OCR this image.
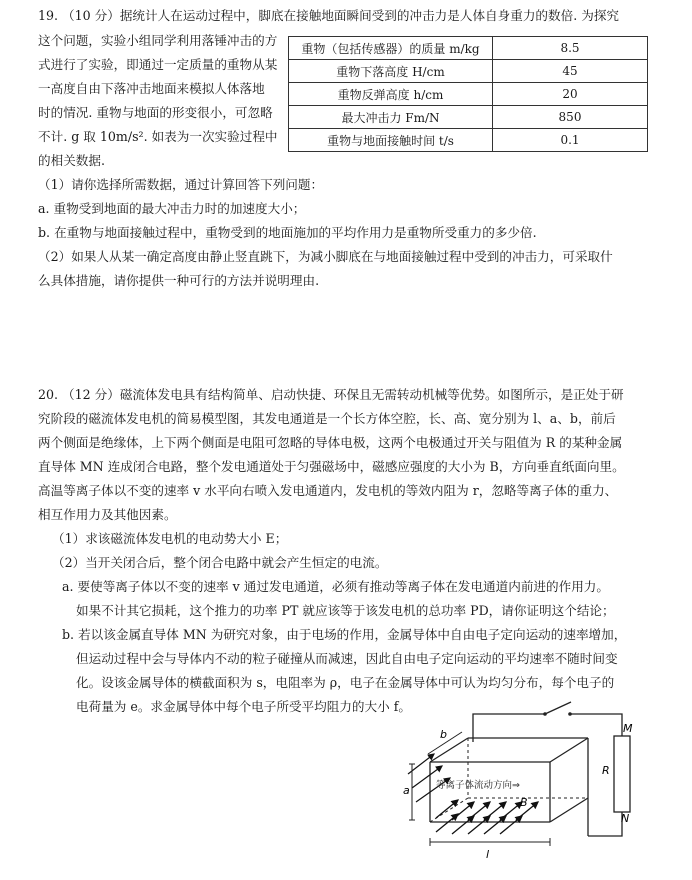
19. （10 分）据统计人在运动过程中，脚底在接触地面瞬间受到的冲击力是人体自身重力的数倍. 为探究
这个问题，实验小组同学利用落锤冲击的方
式进行了实验，即通过一定质量的重物从某
一高度自由下落冲击地面来模拟人体落地
时的情况. 重物与地面的形变很小，可忽略
不计. g 取 10m/s². 如表为一次实验过程中
的相关数据.
重物（包括传感器）的质量 m/kg	8.5
重物下落高度 H/cm	45
重物反弹高度 h/cm	20
最大冲击力 Fm/N	850
重物与地面接触时间 t/s	0.1
（1）请你选择所需数据，通过计算回答下列问题：
a. 重物受到地面的最大冲击力时的加速度大小；
b. 在重物与地面接触过程中，重物受到的地面施加的平均作用力是重物所受重力的多少倍.
（2）如果人从某一确定高度由静止竖直跳下，为减小脚底在与地面接触过程中受到的冲击力，可采取什
么具体措施，请你提供一种可行的方法并说明理由.
20. （12 分）磁流体发电具有结构简单、启动快捷、环保且无需转动机械等优势。如图所示，是正处于研
究阶段的磁流体发电机的简易模型图，其发电通道是一个长方体空腔，长、高、宽分别为 l、a、b，前后
两个侧面是绝缘体，上下两个侧面是电阻可忽略的导体电极，这两个电极通过开关与阻值为 R 的某种金属
直导体 MN 连成闭合电路，整个发电通道处于匀强磁场中，磁感应强度的大小为 B，方向垂直纸面向里。
高温等离子体以不变的速率 v 水平向右喷入发电通道内，发电机的等效内阻为 r，忽略等离子体的重力、
相互作用力及其他因素。
（1）求该磁流体发电机的电动势大小 E；
（2）当开关闭合后，整个闭合电路中就会产生恒定的电流。
a. 要使等离子体以不变的速率 v 通过发电通道，必须有推动等离子体在发电通道内前进的作用力。
如果不计其它损耗，这个推力的功率 PT 就应该等于该发电机的总功率 PD，请你证明这个结论；
b. 若以该金属直导体 MN 为研究对象，由于电场的作用，金属导体中自由电子定向运动的速率增加，
但运动过程中会与导体内不动的粒子碰撞从而减速，因此自由电子定向运动的平均速率不随时间变
化。设该金属导体的横截面积为 s，电阻率为 ρ，电子在金属导体中可认为均匀分布，每个电子的
电荷量为 e。求金属导体中每个电子所受平均阻力的大小 f。
R
M
N
等离子体流动方向⇒
B
a
b
l
